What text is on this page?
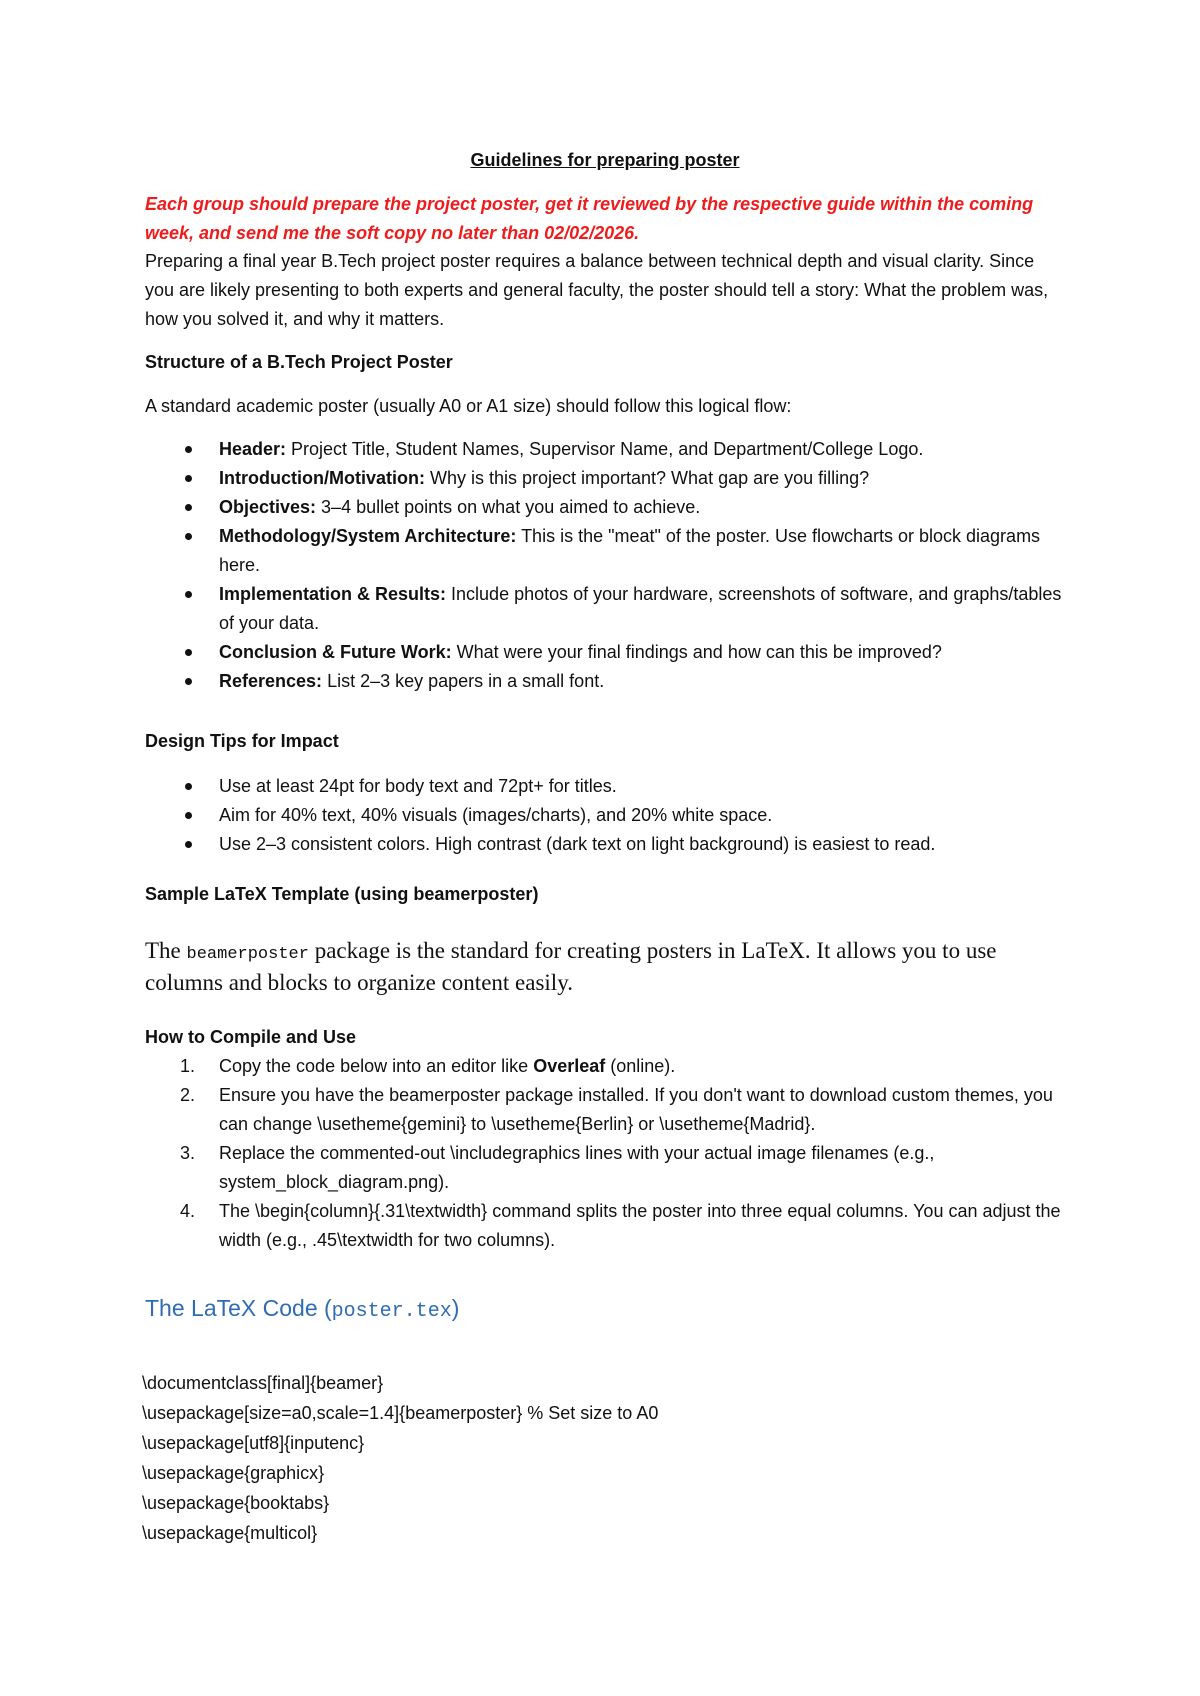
Guidelines for preparing poster
Each group should prepare the project poster, get it reviewed by the respective guide within the coming week, and send me the soft copy no later than 02/02/2026.
Preparing a final year B.Tech project poster requires a balance between technical depth and visual clarity. Since you are likely presenting to both experts and general faculty, the poster should tell a story: What the problem was, how you solved it, and why it matters.
Structure of a B.Tech Project Poster
A standard academic poster (usually A0 or A1 size) should follow this logical flow:
Header: Project Title, Student Names, Supervisor Name, and Department/College Logo.
Introduction/Motivation: Why is this project important? What gap are you filling?
Objectives: 3–4 bullet points on what you aimed to achieve.
Methodology/System Architecture: This is the "meat" of the poster. Use flowcharts or block diagrams here.
Implementation & Results: Include photos of your hardware, screenshots of software, and graphs/tables of your data.
Conclusion & Future Work: What were your final findings and how can this be improved?
References: List 2–3 key papers in a small font.
Design Tips for Impact
Use at least 24pt for body text and 72pt+ for titles.
Aim for 40% text, 40% visuals (images/charts), and 20% white space.
Use 2–3 consistent colors. High contrast (dark text on light background) is easiest to read.
Sample LaTeX Template (using beamerposter)
The beamerposter package is the standard for creating posters in LaTeX. It allows you to use columns and blocks to organize content easily.
How to Compile and Use
1. Copy the code below into an editor like Overleaf (online).
2. Ensure you have the beamerposter package installed. If you don't want to download custom themes, you can change \usetheme{gemini} to \usetheme{Berlin} or \usetheme{Madrid}.
3. Replace the commented-out \includegraphics lines with your actual image filenames (e.g., system_block_diagram.png).
4. The \begin{column}{.31\textwidth} command splits the poster into three equal columns. You can adjust the width (e.g., .45\textwidth for two columns).
The LaTeX Code (poster.tex)
\documentclass[final]{beamer}
\usepackage[size=a0,scale=1.4]{beamerposter} % Set size to A0
\usepackage[utf8]{inputenc}
\usepackage{graphicx}
\usepackage{booktabs}
\usepackage{multicol}
